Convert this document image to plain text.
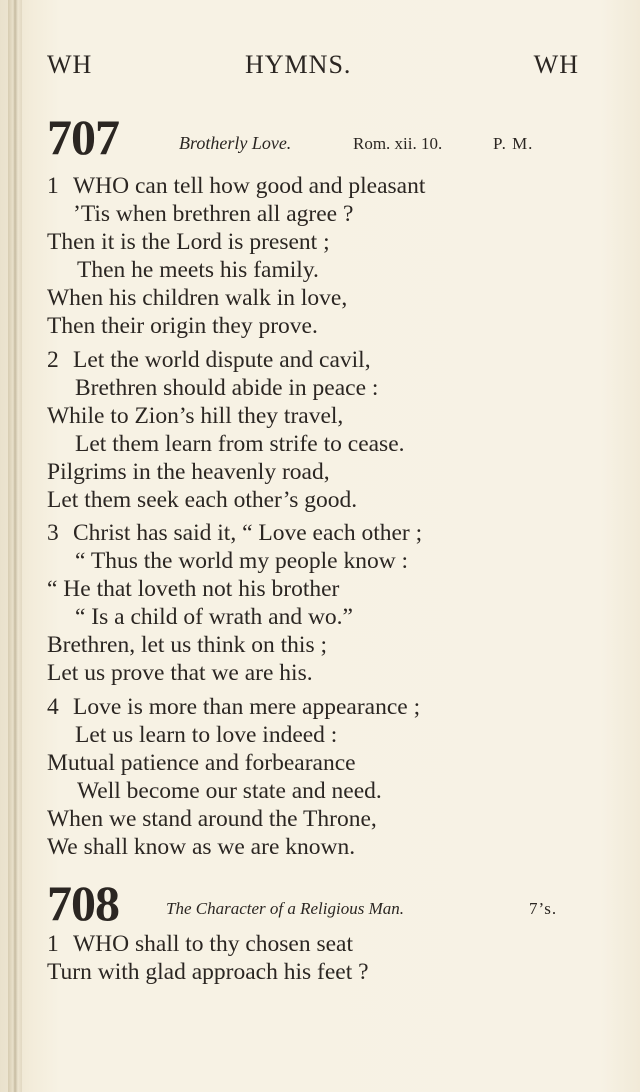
WH	HYMNS.	WH
707	Brotherly Love.	Rom. xii. 10.	P. M.
1 WHO can tell how good and pleasant
’Tis when brethren all agree ?
Then it is the Lord is present ;
Then he meets his family.
When his children walk in love,
Then their origin they prove.
2 Let the world dispute and cavil,
Brethren should abide in peace :
While to Zion’s hill they travel,
Let them learn from strife to cease.
Pilgrims in the heavenly road,
Let them seek each other’s good.
3 Christ has said it, “ Love each other ;
“ Thus the world my people know :
“ He that loveth not his brother
“ Is a child of wrath and wo.”
Brethren, let us think on this ;
Let us prove that we are his.
4 Love is more than mere appearance ;
Let us learn to love indeed :
Mutual patience and forbearance
Well become our state and need.
When we stand around the Throne,
We shall know as we are known.
708	The Character of a Religious Man.	7’s.
1 WHO shall to thy chosen seat
Turn with glad approach his feet ?
